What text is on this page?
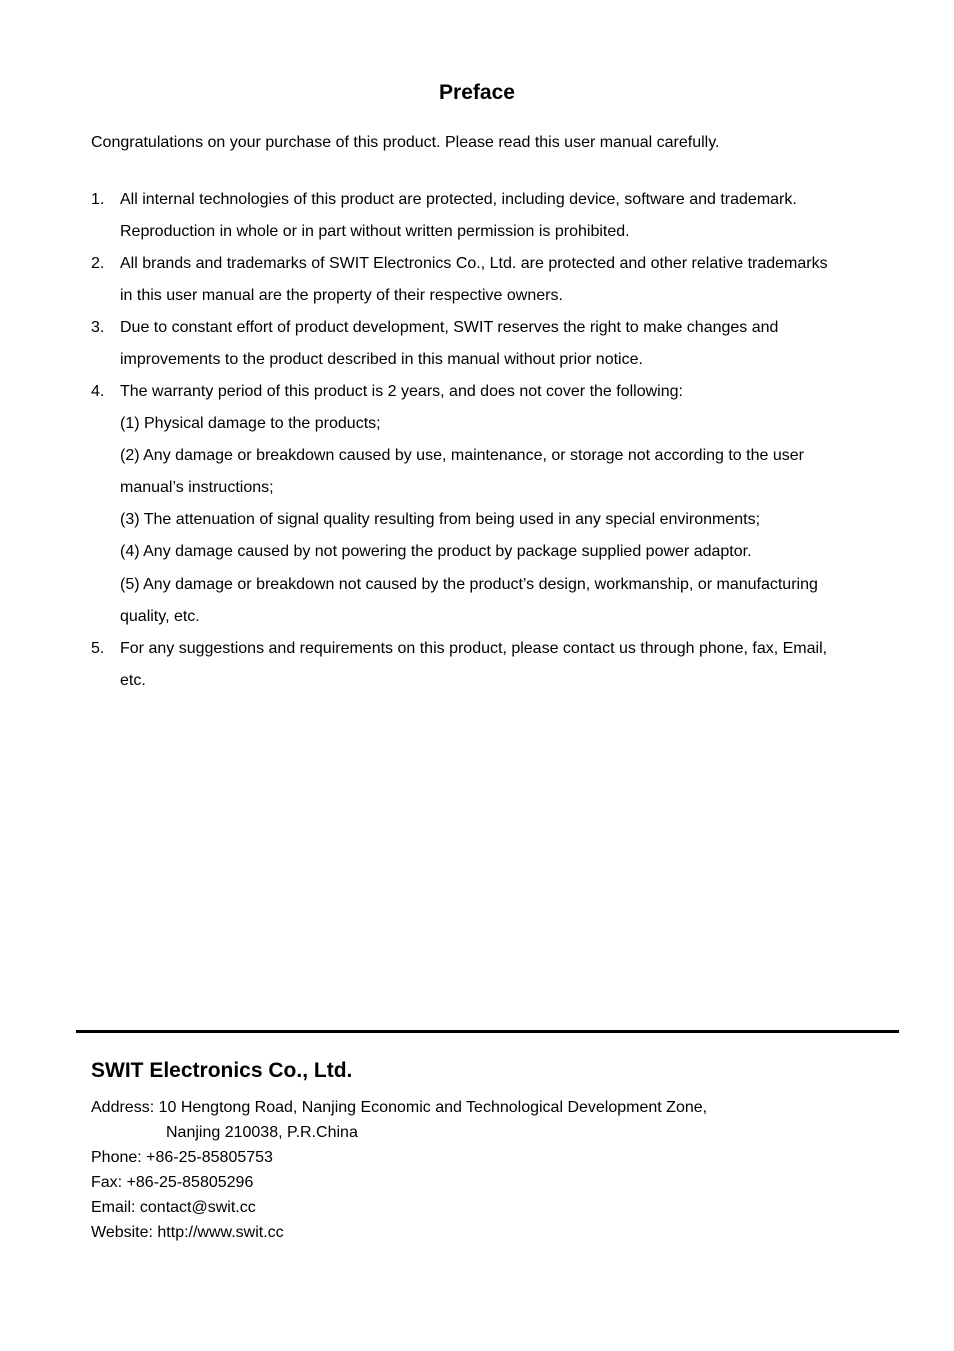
Preface
Congratulations on your purchase of this product. Please read this user manual carefully.
1. All internal technologies of this product are protected, including device, software and trademark.
Reproduction in whole or in part without written permission is prohibited.
2. All brands and trademarks of SWIT Electronics Co., Ltd. are protected and other relative trademarks
in this user manual are the property of their respective owners.
3. Due to constant effort of product development, SWIT reserves the right to make changes and
improvements to the product described in this manual without prior notice.
4. The warranty period of this product is 2 years, and does not cover the following:
(1) Physical damage to the products;
(2) Any damage or breakdown caused by use, maintenance, or storage not according to the user
manual’s instructions;
(3) The attenuation of signal quality resulting from being used in any special environments;
(4) Any damage caused by not powering the product by package supplied power adaptor.
(5) Any damage or breakdown not caused by the product’s design, workmanship, or manufacturing
quality, etc.
5. For any suggestions and requirements on this product, please contact us through phone, fax, Email,
etc.
SWIT Electronics Co., Ltd.
Address: 10 Hengtong Road, Nanjing Economic and Technological Development Zone,
Nanjing 210038, P.R.China
Phone: +86-25-85805753
Fax: +86-25-85805296
Email: contact@swit.cc
Website: http://www.swit.cc
